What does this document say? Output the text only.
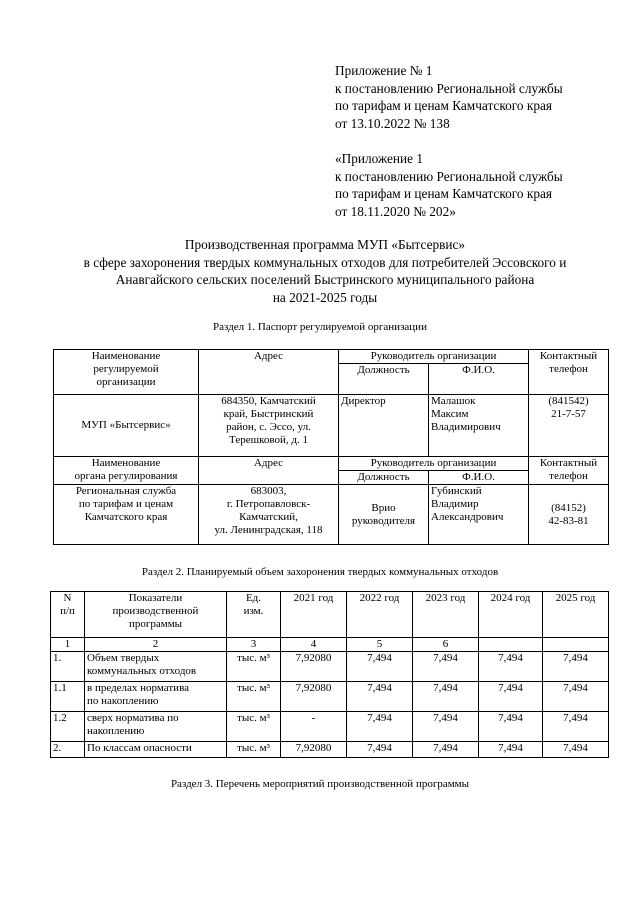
Приложение № 1
к постановлению Региональной службы
по тарифам и ценам Камчатского края
от 13.10.2022 № 138
«Приложение 1
к постановлению Региональной службы
по тарифам и ценам Камчатского края
от 18.11.2020 № 202»
Производственная программа МУП «Бытсервис»
в сфере захоронения твердых коммунальных отходов для потребителей Эссовского и
Анавгайского сельских поселений Быстринского муниципального района
на 2021-2025 годы
Раздел 1. Паспорт регулируемой организации
Наименование
регулируемой
организации	Адрес	Руководитель организации		Контактный
телефон
		Должность	Ф.И.О.	
МУП «Бытсервис»	684350, Камчатский
край, Быстринский
район, с. Эссо, ул.
Терешковой, д. 1	Директор	Малашок
Максим
Владимирович	(841542)
21-7-57
Наименование
органа регулирования	Адрес	Руководитель организации		Контактный
телефон
		Должность	Ф.И.О.	
Региональная служба
по тарифам и ценам
Камчатского края	683003,
г. Петропавловск-
Камчатский,
ул. Ленинградская, 118	Врио
руководителя	Губинский
Владимир
Александрович	(84152)
42-83-81
Раздел 2. Планируемый объем захоронения твердых коммунальных отходов
N
п/п	Показатели
производственной
программы	Ед.
изм.	2021 год	2022 год	2023 год	2024 год	2025 год
1	2	3	4	5	6		
1.	Объем твердых
коммунальных отходов	тыс. м³	7,92080	7,494	7,494	7,494	7,494
1.1	в пределах норматива
по накоплению	тыс. м³	7,92080	7,494	7,494	7,494	7,494
1.2	сверх норматива по
накоплению	тыс. м³	-	7,494	7,494	7,494	7,494
2.	По классам опасности	тыс. м³	7,92080	7,494	7,494	7,494	7,494
Раздел 3. Перечень мероприятий производственной программы
